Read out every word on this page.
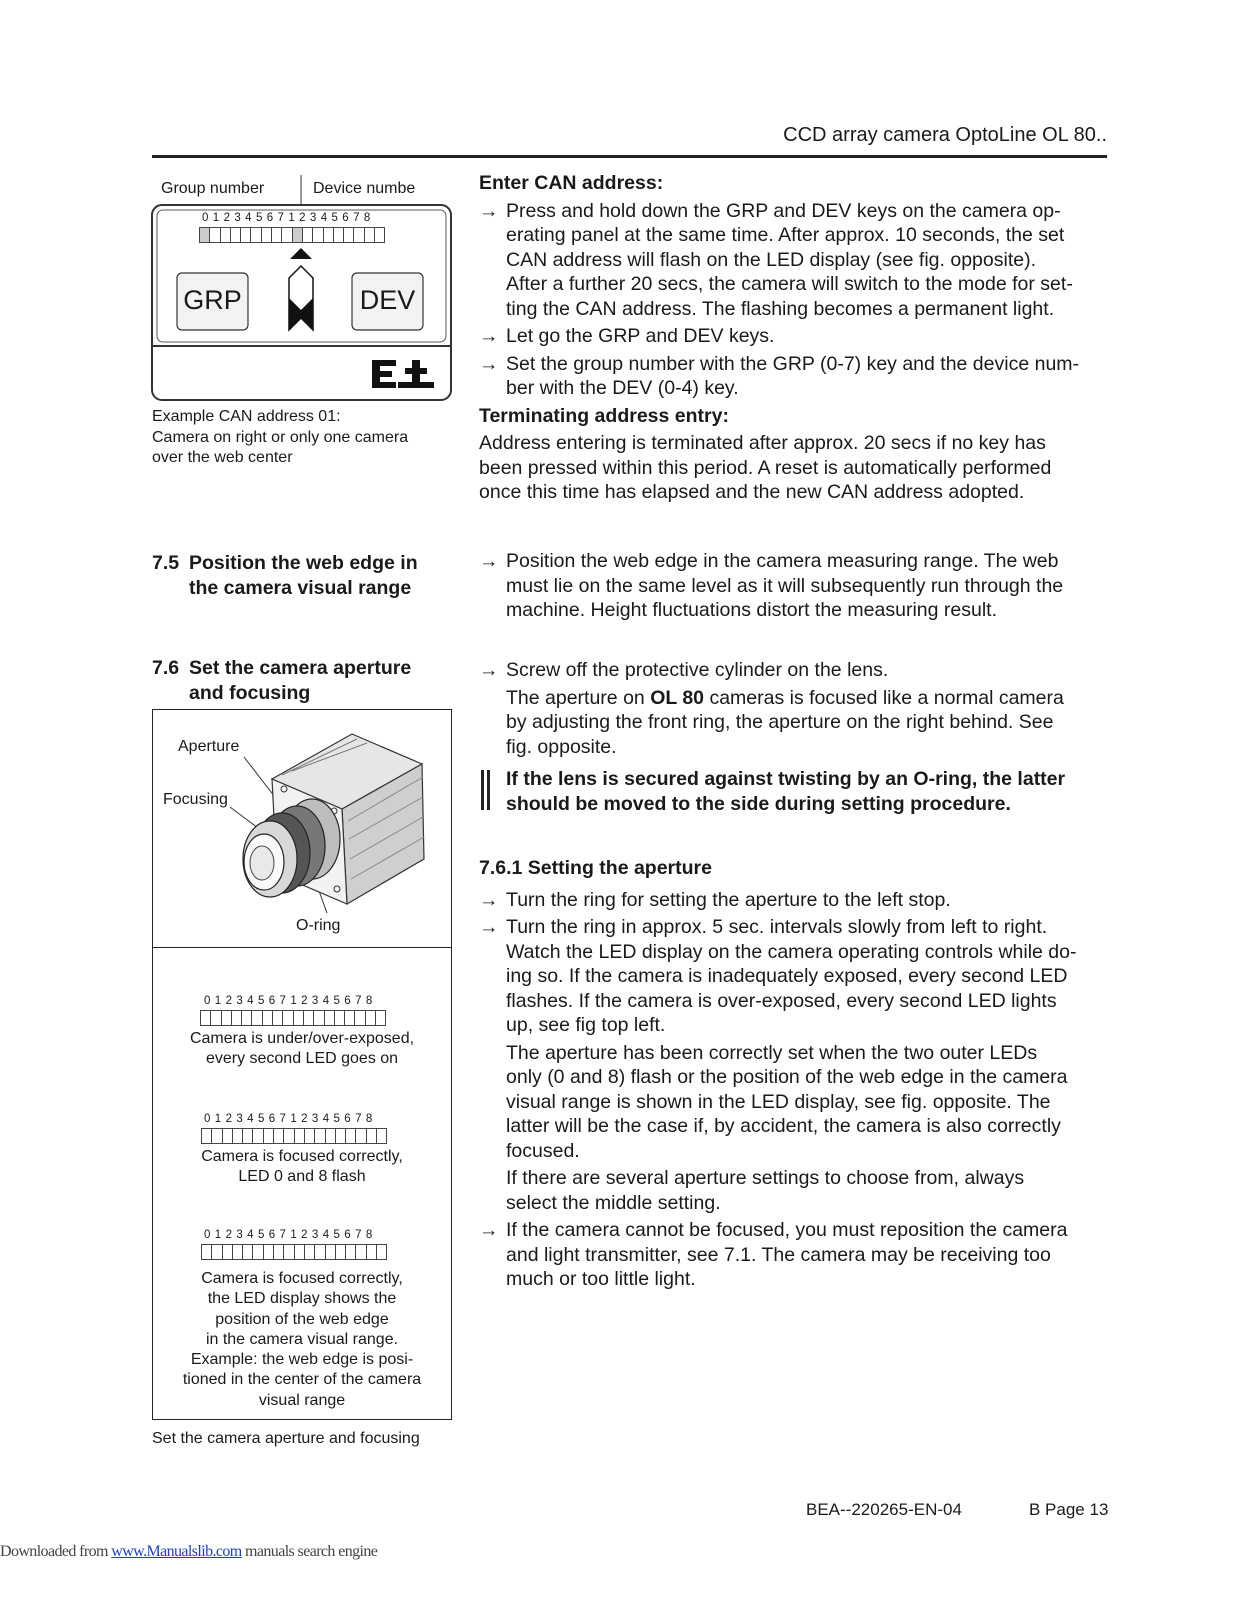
CCD array camera OptoLine OL 80..
Group number	Device numbe
0 1 2 3 4 5 6 7 1 2 3 4 5 6 7 8
GRP	DEV
Example CAN address 01:
Camera on right or only one camera
over the web center

Enter CAN address:

→ Press and hold down the GRP and DEV keys on the camera op-
erating panel at the same time. After approx. 10 seconds, the set
CAN address will flash on the LED display (see fig. opposite).
After a further 20 secs, the camera will switch to the mode for set-
ting the CAN address. The flashing becomes a permanent light.
→ Let go the GRP and DEV keys.
→ Set the group number with the GRP (0-7) key and the device num-
ber with the DEV (0-4) key.

Terminating address entry:

Address entering is terminated after approx. 20 secs if no key has
been pressed within this period. A reset is automatically performed
once this time has elapsed and the new CAN address adopted.
7.5 Position the web edge in
the camera visual range
→ Position the web edge in the camera measuring range. The web
must lie on the same level as it will subsequently run through the
machine. Height fluctuations distort the measuring result.
7.6 Set the camera aperture
and focusing
→ Screw off the protective cylinder on the lens.
The aperture on OL 80 cameras is focused like a normal camera
by adjusting the front ring, the aperture on the right behind. See
fig. opposite.
If the lens is secured against twisting by an O-ring, the latter
should be moved to the side during setting procedure.
Aperture
Focusing
O-ring
0 1 2 3 4 5 6 7 1 2 3 4 5 6 7 8
Camera is under/over-exposed,
every second LED goes on
0 1 2 3 4 5 6 7 1 2 3 4 5 6 7 8
Camera is focused correctly,
LED 0 and 8 flash
0 1 2 3 4 5 6 7 1 2 3 4 5 6 7 8
Camera is focused correctly,
the LED display shows the
position of the web edge
in the camera visual range.
Example: the web edge is posi-
tioned in the center of the camera
visual range
Set the camera aperture and focusing

7.6.1 Setting the aperture

→ Turn the ring for setting the aperture to the left stop.
→ Turn the ring in approx. 5 sec. intervals slowly from left to right.
Watch the LED display on the camera operating controls while do-
ing so. If the camera is inadequately exposed, every second LED
flashes. If the camera is over-exposed, every second LED lights
up, see fig top left.
The aperture has been correctly set when the two outer LEDs
only (0 and 8) flash or the position of the web edge in the camera
visual range is shown in the LED display, see fig. opposite. The
latter will be the case if, by accident, the camera is also correctly
focused.
If there are several aperture settings to choose from, always
select the middle setting.
→ If the camera cannot be focused, you must reposition the camera
and light transmitter, see 7.1. The camera may be receiving too
much or too little light.
BEA--220265-EN-04	B Page 13
Downloaded from www.Manualslib.com manuals search engine
